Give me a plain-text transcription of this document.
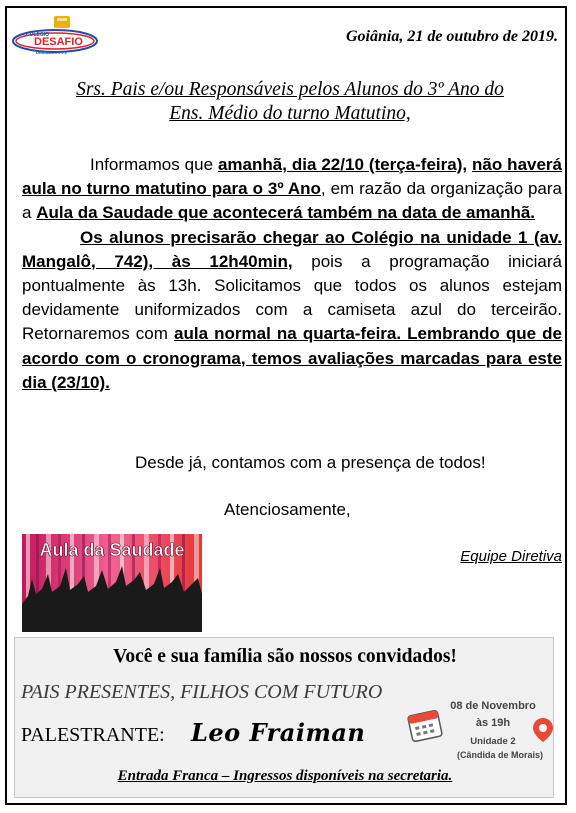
COLÉGIO
DESAFIO
UNIDADES 1 e 2
Goiânia, 21 de outubro de 2019.
Srs. Pais e/ou Responsáveis pelos Alunos do 3º Ano do
Ens. Médio do turno Matutino,

Informamos que amanhã, dia 22/10 (terça-feira), não haverá aula no turno matutino para o 3º Ano, em razão da organização para a Aula da Saudade que acontecerá também na data de amanhã.

Os alunos precisarão chegar ao Colégio na unidade 1 (av. Mangalô, 742), às 12h40min, pois a programação iniciará pontualmente às 13h. Solicitamos que todos os alunos estejam devidamente uniformizados com a camiseta azul do terceirão. Retornaremos com aula normal na quarta-feira. Lembrando que de acordo com o cronograma, temos avaliações marcadas para este dia (23/10).

Desde já, contamos com a presença de todos!
Atenciosamente,
Aula da Saudade	Equipe Diretiva
Você e sua família são nossos convidados!
PAIS PRESENTES, FILHOS COM FUTURO
PALESTRANTE: Leo Fraiman
08 de Novembro
às 19h
Unidade 2
(Cândida de Morais)
Entrada Franca – Ingressos disponíveis na secretaria.
